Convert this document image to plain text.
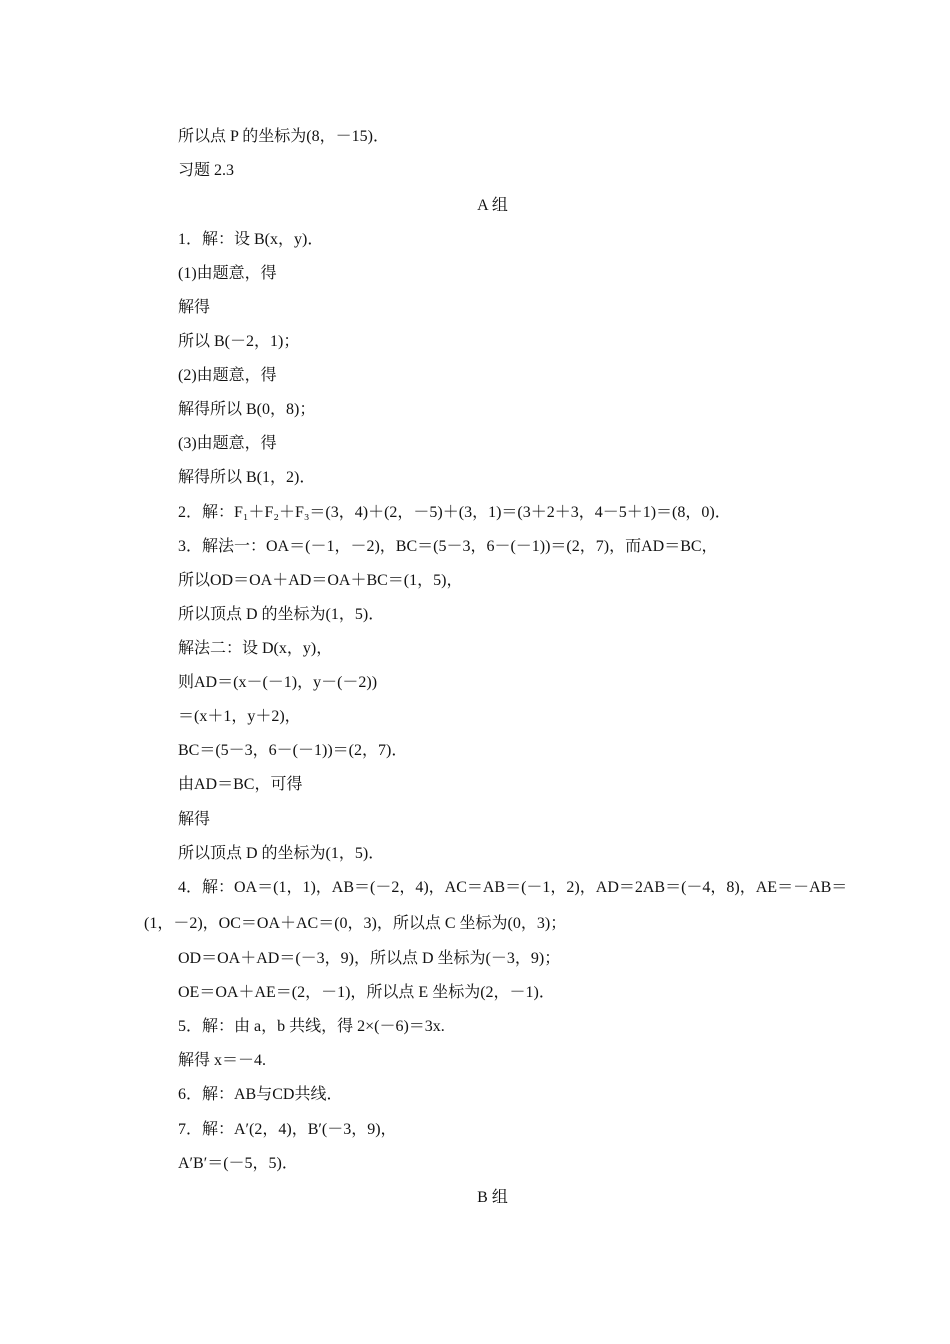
所以点 P 的坐标为(8，－15)．
习题 2.3
A 组
1．解：设 B(x，y)．
(1)由题意，得
解得
所以 B(－2，1)；
(2)由题意，得
解得所以 B(0，8)；
(3)由题意，得
解得所以 B(1，2)．
2．解：F₁＋F₂＋F₃＝(3，4)＋(2，－5)＋(3，1)＝(3＋2＋3，4－5＋1)＝(8，0)．
3．解法一：OA＝(－1，－2)，BC＝(5－3，6－(－1))＝(2，7)，而AD＝BC，
所以OD＝OA＋AD＝OA＋BC＝(1，5)，
所以顶点 D 的坐标为(1，5)．
解法二：设 D(x，y)，
则AD＝(x－(－1)，y－(－2))
＝(x＋1，y＋2)，
BC＝(5－3，6－(－1))＝(2，7)．
由AD＝BC，可得
解得
所以顶点 D 的坐标为(1，5)．
4．解：OA＝(1，1)，AB＝(－2，4)，AC＝AB＝(－1，2)，AD＝2AB＝(－4，8)，AE＝－AB＝
(1，－2)，OC＝OA＋AC＝(0，3)，所以点 C 坐标为(0，3)；
OD＝OA＋AD＝(－3，9)，所以点 D 坐标为(－3，9)；
OE＝OA＋AE＝(2，－1)，所以点 E 坐标为(2，－1)．
5．解：由 a，b 共线，得 2×(－6)＝3x.
解得 x＝－4.
6．解：AB与CD共线．
7．解：A′(2，4)，B′(－3，9)，
A′B′＝(－5，5)．
B 组
